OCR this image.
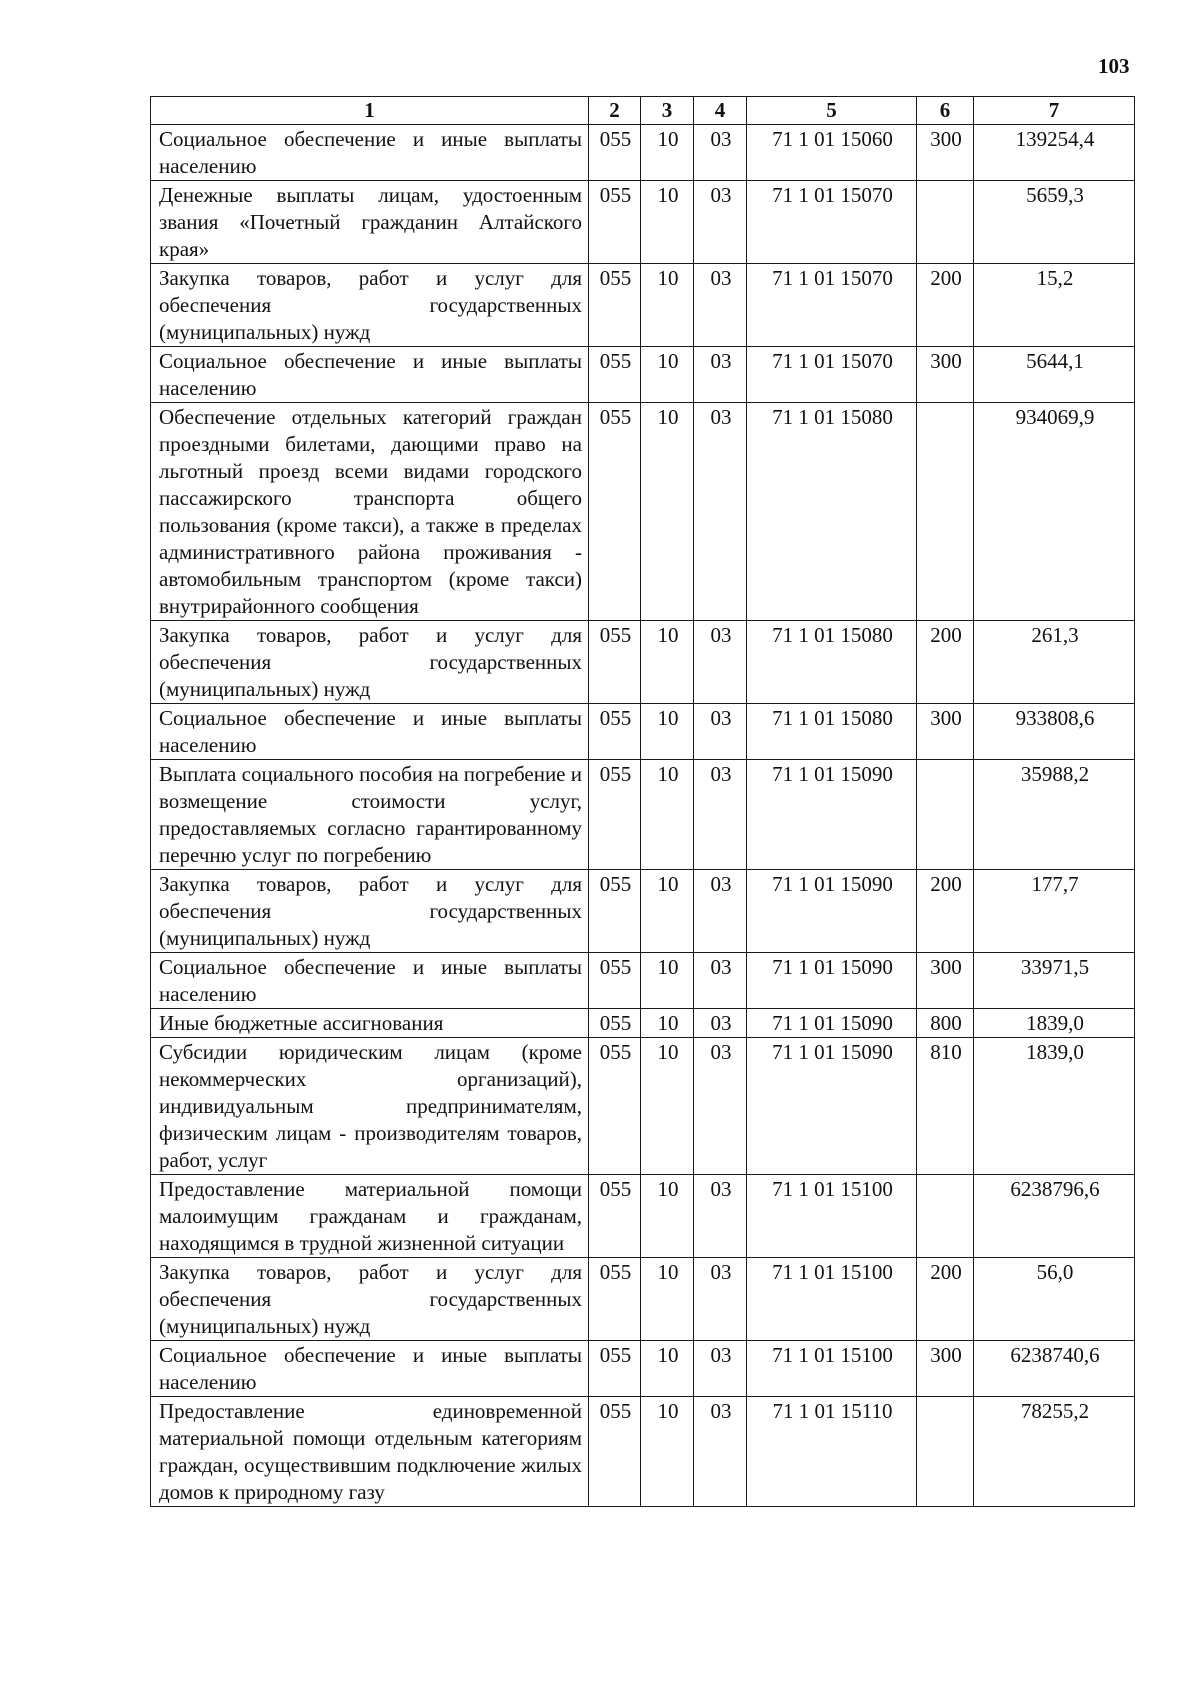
103
1	2	3	4	5	6	7
Социальное обеспечение и иные выплаты населению	055	10	03	71 1 01 15060	300	139254,4
Денежные выплаты лицам, удостоенным звания «Почетный гражданин Алтайского края»	055	10	03	71 1 01 15070		5659,3
Закупка товаров, работ и услуг для обеспечения государственных (муниципальных) нужд	055	10	03	71 1 01 15070	200	15,2
Социальное обеспечение и иные выплаты населению	055	10	03	71 1 01 15070	300	5644,1
Обеспечение отдельных категорий граждан проездными билетами, дающими право на льготный проезд всеми видами городского пассажирского транспорта общего пользования (кроме такси), а также в пределах административного района проживания - автомобильным транспортом (кроме такси) внутрирайонного сообщения	055	10	03	71 1 01 15080		934069,9
Закупка товаров, работ и услуг для обеспечения государственных (муниципальных) нужд	055	10	03	71 1 01 15080	200	261,3
Социальное обеспечение и иные выплаты населению	055	10	03	71 1 01 15080	300	933808,6
Выплата социального пособия на погребение и возмещение стоимости услуг, предоставляемых согласно гарантированному перечню услуг по погребению	055	10	03	71 1 01 15090		35988,2
Закупка товаров, работ и услуг для обеспечения государственных (муниципальных) нужд	055	10	03	71 1 01 15090	200	177,7
Социальное обеспечение и иные выплаты населению	055	10	03	71 1 01 15090	300	33971,5
Иные бюджетные ассигнования	055	10	03	71 1 01 15090	800	1839,0
Субсидии юридическим лицам (кроме некоммерческих организаций), индивидуальным предпринимателям, физическим лицам - производителям товаров, работ, услуг	055	10	03	71 1 01 15090	810	1839,0
Предоставление материальной помощи малоимущим гражданам и гражданам, находящимся в трудной жизненной ситуации	055	10	03	71 1 01 15100		6238796,6
Закупка товаров, работ и услуг для обеспечения государственных (муниципальных) нужд	055	10	03	71 1 01 15100	200	56,0
Социальное обеспечение и иные выплаты населению	055	10	03	71 1 01 15100	300	6238740,6
Предоставление единовременной материальной помощи отдельным категориям граждан, осуществившим подключение жилых домов к природному газу	055	10	03	71 1 01 15110		78255,2
